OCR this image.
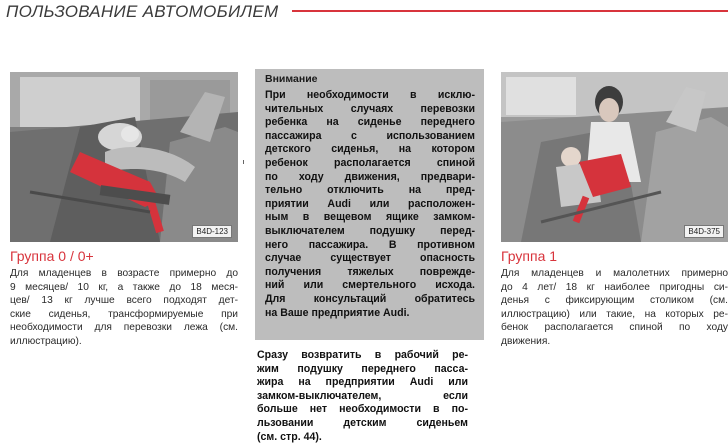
ПОЛЬЗОВАНИЕ АВТОМОБИЛЕМ
B4D-123
Группа 0 / 0+
Для младенцев в возрасте примерно до
9 месяцев/ 10 кг, а также до 18 меся-
цев/ 13 кг лучше всего подходят дет-
ские сиденья, трансформируемые при
необходимости для перевозки лежа (см.
иллюстрацию).
Внимание
При необходимости в исклю-
чительных случаях перевозки
ребенка на сиденье переднего
пассажира с использованием
детского сиденья, на котором
ребенок располагается спиной
по ходу движения, предвари-
тельно отключить на пред-
приятии Audi или расположен-
ным в вещевом ящике замком-
выключателем подушку перед-
него пассажира. В противном
случае существует опасность
получения тяжелых поврежде-
ний или смертельного исхода.
Для консультаций обратитесь
на Ваше предприятие Audi.
Сразу возвратить в рабочий ре-
жим подушку переднего пасса-
жира на предприятии Audi или
замком-выключателем, если
больше нет необходимости в по-
льзовании детским сиденьем
(см. стр. 44).
B4D-375
Группа 1
Для младенцев и малолетних примерно
до 4 лет/ 18 кг наиболее пригодны си-
денья с фиксирующим столиком (см.
иллюстрацию) или такие, на которых ре-
бенок располагается спиной по ходу
движения.
